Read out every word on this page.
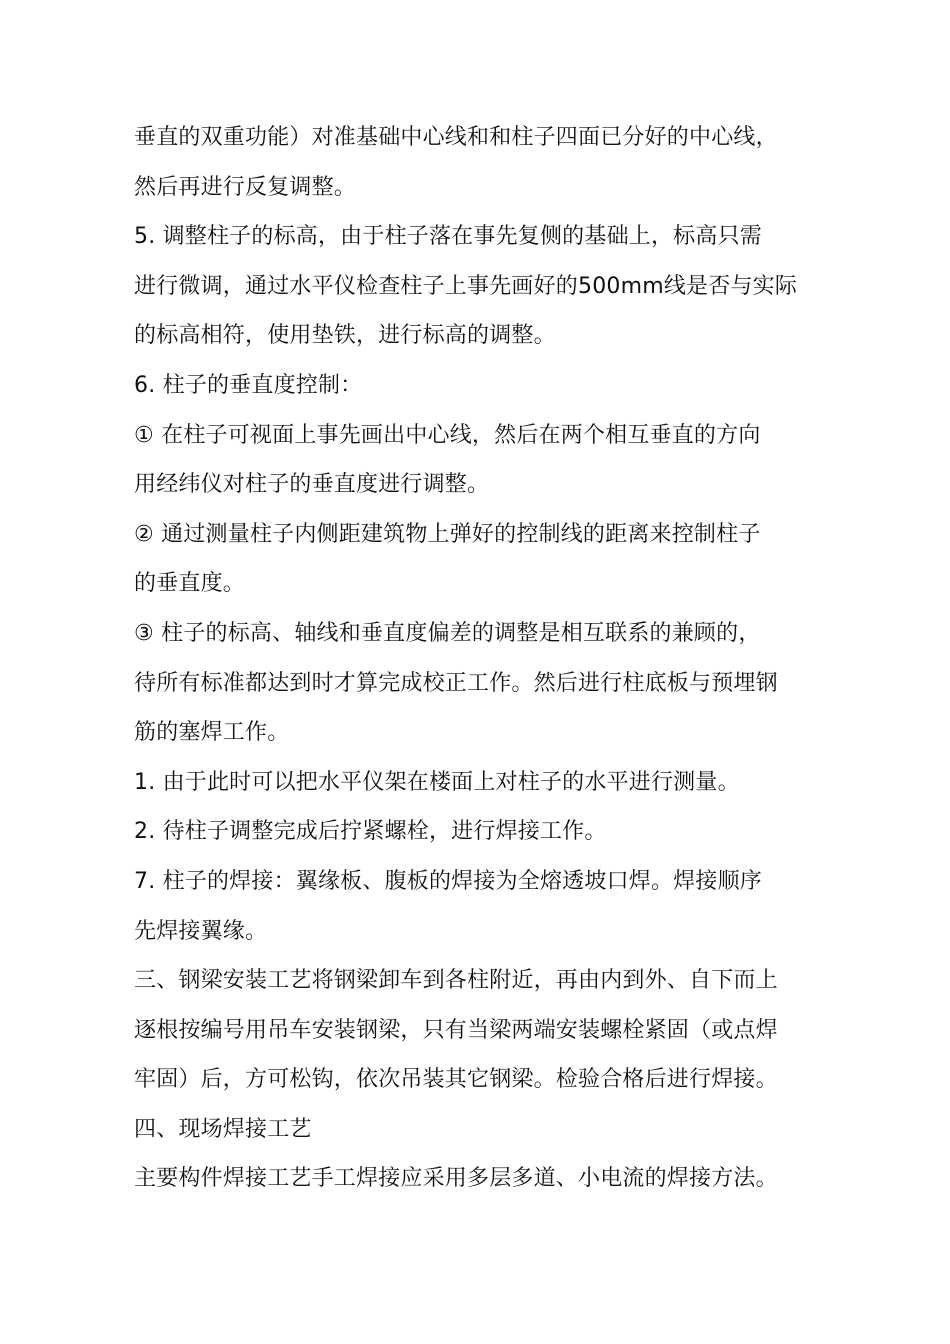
垂直的双重功能）对准基础中心线和和柱子四面已分好的中心线，
然后再进行反复调整。
5. 调整柱子的标高，由于柱子落在事先复侧的基础上，标高只需
进行微调，通过水平仪检查柱子上事先画好的500mm线是否与实际
的标高相符，使用垫铁，进行标高的调整。
6. 柱子的垂直度控制：
① 在柱子可视面上事先画出中心线，然后在两个相互垂直的方向
用经纬仪对柱子的垂直度进行调整。
② 通过测量柱子内侧距建筑物上弹好的控制线的距离来控制柱子
的垂直度。
③ 柱子的标高、轴线和垂直度偏差的调整是相互联系的兼顾的，
待所有标准都达到时才算完成校正工作。然后进行柱底板与预埋钢
筋的塞焊工作。
1. 由于此时可以把水平仪架在楼面上对柱子的水平进行测量。
2. 待柱子调整完成后拧紧螺栓，进行焊接工作。
7. 柱子的焊接：翼缘板、腹板的焊接为全熔透坡口焊。焊接顺序
先焊接翼缘。
三、钢梁安装工艺将钢梁卸车到各柱附近，再由内到外、自下而上
逐根按编号用吊车安装钢梁，只有当梁两端安装螺栓紧固（或点焊
牢固）后，方可松钩，依次吊装其它钢梁。检验合格后进行焊接。
四、现场焊接工艺
主要构件焊接工艺手工焊接应采用多层多道、小电流的焊接方法。
